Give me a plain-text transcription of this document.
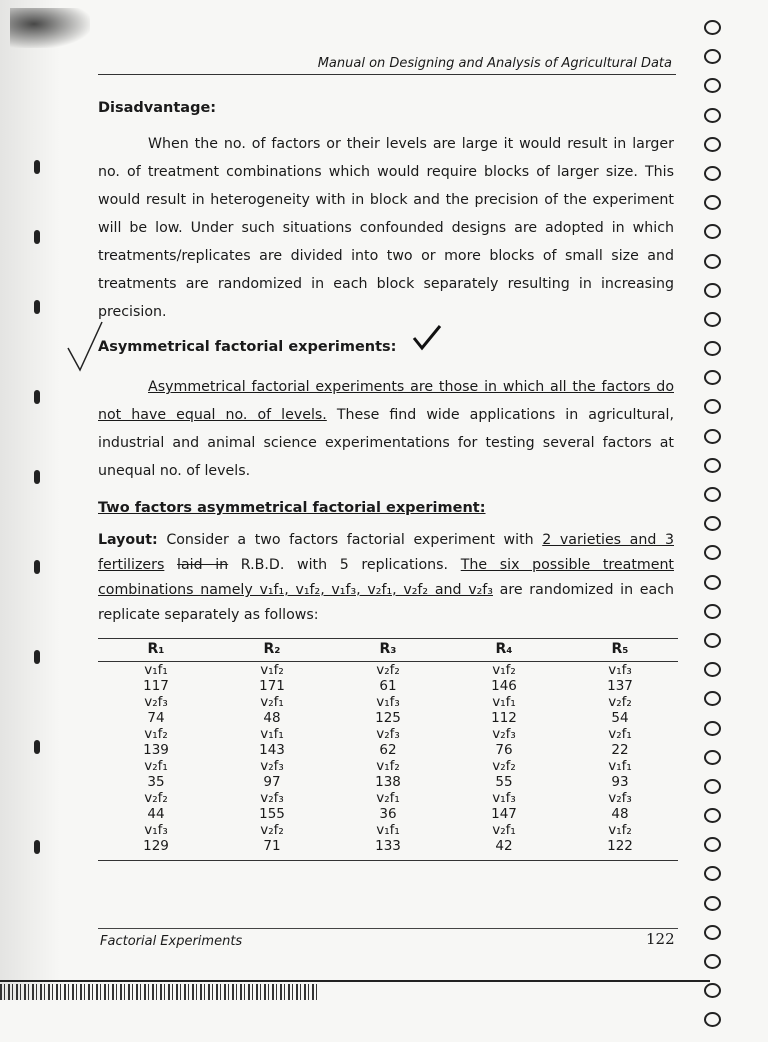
Manual on Designing and Analysis of Agricultural Data
Disadvantage:

When the no. of factors or their levels are large it would result in larger no. of treatment combinations which would require blocks of larger size. This would result in heterogeneity with in block and the precision of the experiment will be low. Under such situations confounded designs are adopted in which treatments/replicates are divided into two or more blocks of small size and treatments are randomized in each block separately resulting in increasing precision.

Asymmetrical factorial experiments:

Asymmetrical factorial experiments are those in which all the factors do not have equal no. of levels. These find wide applications in agricultural, industrial and animal science experimentations for testing several factors at unequal no. of levels.

Two factors asymmetrical factorial experiment:

Layout: Consider a two factors factorial experiment with 2 varieties and 3 fertilizers laid in R.B.D. with 5 replications. The six possible treatment combinations namely v₁f₁, v₁f₂, v₁f₃, v₂f₁, v₂f₂ and v₂f₃ are randomized in each replicate separately as follows:

R₁	R₂	R₃	R₄	R₅
v₁f₁	v₁f₂	v₂f₂	v₁f₂	v₁f₃
117	171	61	146	137
v₂f₃	v₂f₁	v₁f₃	v₁f₁	v₂f₂
74	48	125	112	54
v₁f₂	v₁f₁	v₂f₃	v₂f₃	v₂f₁
139	143	62	76	22
v₂f₁	v₂f₃	v₁f₂	v₂f₂	v₁f₁
35	97	138	55	93
v₂f₂	v₂f₃	v₂f₁	v₁f₃	v₂f₃
44	155	36	147	48
v₁f₃	v₂f₂	v₁f₁	v₂f₁	v₁f₂
129	71	133	42	122
Factorial Experiments	122
